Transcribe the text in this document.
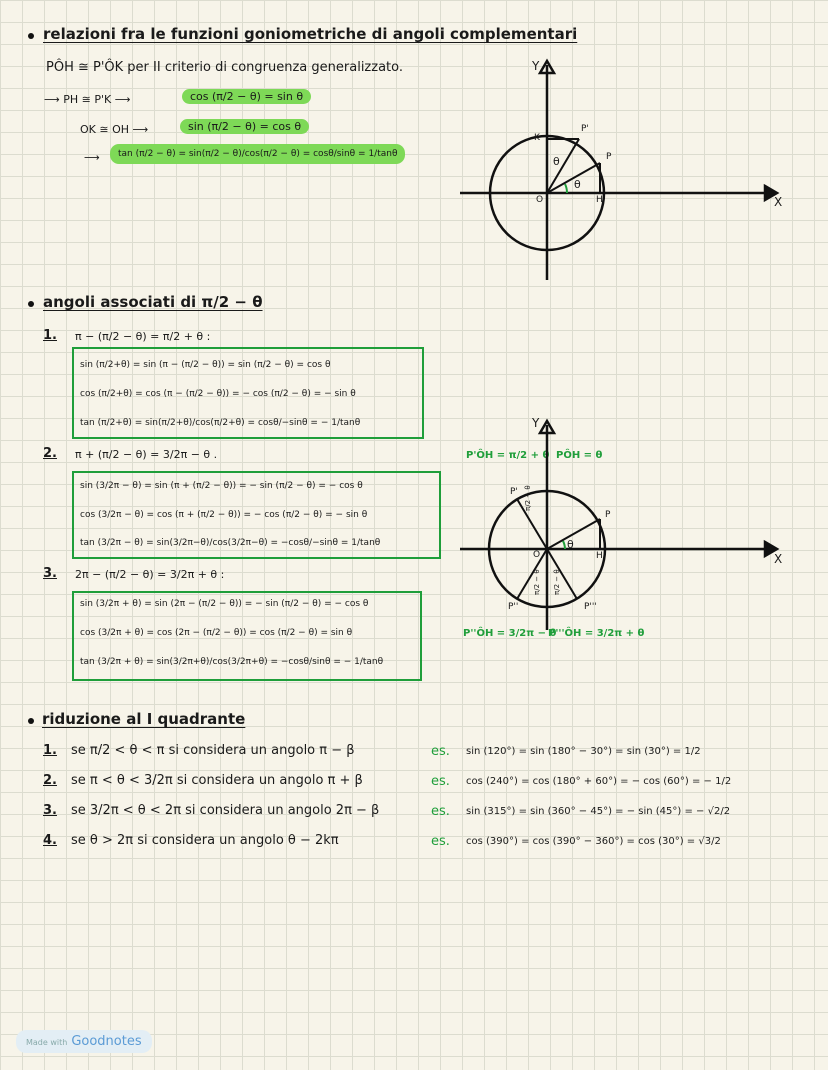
relazioni fra le funzioni goniometriche di angoli complementari
PÔH ≅ P'ÔK per II criterio di congruenza generalizzato.
⟶ PH ≅ P'K ⟶	cos (π/2 − θ) = sin θ
OK ≅ OH ⟶	sin (π/2 − θ) = cos θ
⟶	tan (π/2 − θ) = sin(π/2 − θ)/cos(π/2 − θ) = cosθ/sinθ = 1/tanθ
Y
X
O
K
H
P
P'
θ
θ
angoli associati di π/2 − θ
1. π − (π/2 − θ) = π/2 + θ :
sin (π/2+θ) = sin (π − (π/2 − θ)) = sin (π/2 − θ) = cos θ
cos (π/2+θ) = cos (π − (π/2 − θ)) = − cos (π/2 − θ) = − sin θ
tan (π/2+θ) = sin(π/2+θ)/cos(π/2+θ) = cosθ/−sinθ = − 1/tanθ
2. π + (π/2 − θ) = 3/2π − θ .
sin (3/2π − θ) = sin (π + (π/2 − θ)) = − sin (π/2 − θ) = − cos θ
cos (3/2π − θ) = cos (π + (π/2 − θ)) = − cos (π/2 − θ) = − sin θ
tan (3/2π − θ) = sin(3/2π−θ)/cos(3/2π−θ) = −cosθ/−sinθ = 1/tanθ
3. 2π − (π/2 − θ) = 3/2π + θ :
sin (3/2π + θ) = sin (2π − (π/2 − θ)) = − sin (π/2 − θ) = − cos θ
cos (3/2π + θ) = cos (2π − (π/2 − θ)) = cos (π/2 − θ) = sin θ
tan (3/2π + θ) = sin(3/2π+θ)/cos(3/2π+θ) = −cosθ/sinθ = − 1/tanθ
P'ÔH = π/2 + θ PÔH = θ
P''ÔH = 3/2π − θ
P'''ÔH = 3/2π + θ
Y
X
O	H
P
P'
P''	P'''
θ
π/2 − θ
π/2 − θ π/2 − θ
riduzione al I quadrante
1. se π/2 < θ < π si considera un angolo π − β	es. sin (120°) = sin (180° − 30°) = sin (30°) = 1/2
2. se π < θ < 3/2π si considera un angolo π + β	es. cos (240°) = cos (180° + 60°) = − cos (60°) = − 1/2
3. se 3/2π < θ < 2π si considera un angolo 2π − β	es. sin (315°) = sin (360° − 45°) = − sin (45°) = − √2/2
4. se θ > 2π si considera un angolo θ − 2kπ	es. cos (390°) = cos (390° − 360°) = cos (30°) = √3/2
Made with Goodnotes
